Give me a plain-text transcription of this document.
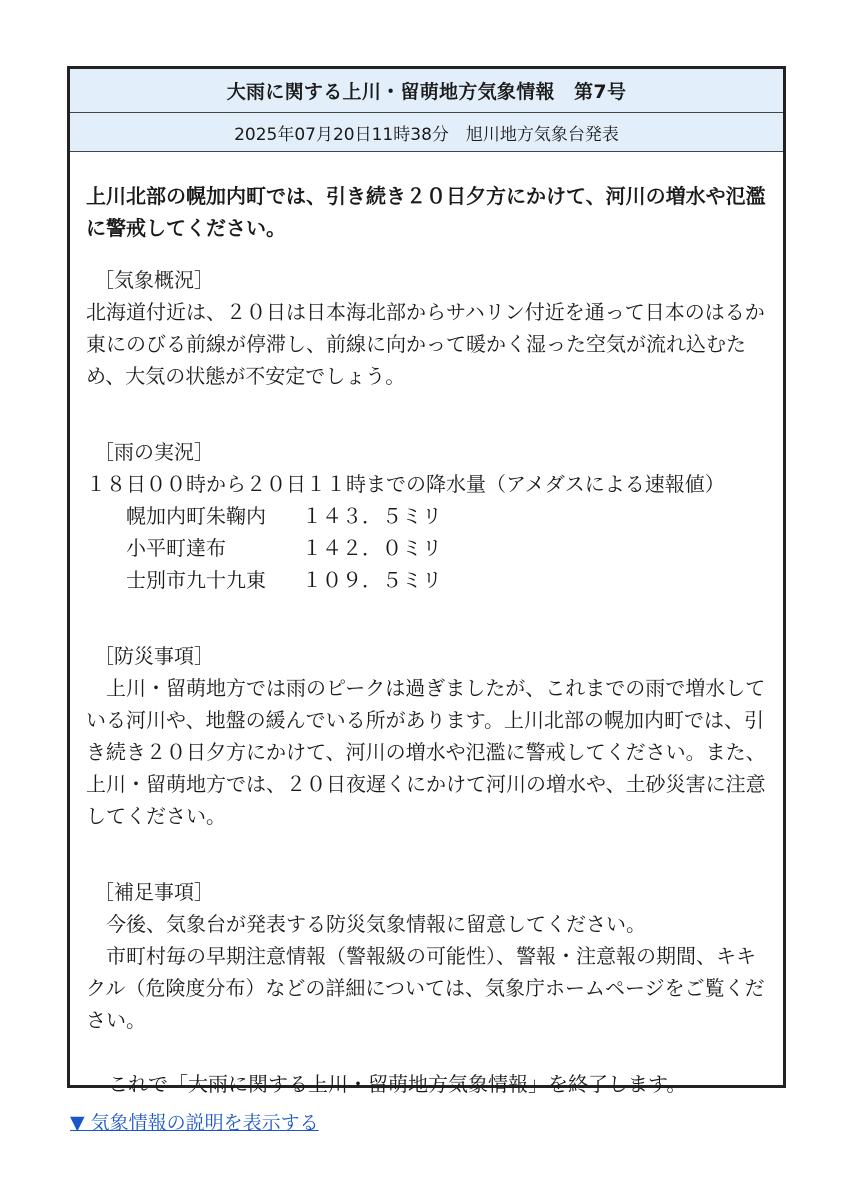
大雨に関する上川・留萌地方気象情報　第7号
2025年07月20日11時38分　旭川地方気象台発表

上川北部の幌加内町では、引き続き２０日夕方にかけて、河川の増水や氾濫に警戒してください。

［気象概況］

北海道付近は、２０日は日本海北部からサハリン付近を通って日本のはるか東にのびる前線が停滞し、前線に向かって暖かく湿った空気が流れ込むため、大気の状態が不安定でしょう。

［雨の実況］

１８日００時から２０日１１時までの降水量（アメダスによる速報値）

幌加内町朱鞠内	１４３．５ミリ
小平町達布	１４２．０ミリ
士別市九十九東	１０９．５ミリ
［防災事項］

上川・留萌地方では雨のピークは過ぎましたが、これまでの雨で増水している河川や、地盤の緩んでいる所があります。上川北部の幌加内町では、引き続き２０日夕方にかけて、河川の増水や氾濫に警戒してください。また、上川・留萌地方では、２０日夜遅くにかけて河川の増水や、土砂災害に注意してください。

［補足事項］

今後、気象台が発表する防災気象情報に留意してください。

市町村毎の早期注意情報（警報級の可能性）、警報・注意報の期間、キキクル（危険度分布）などの詳細については、気象庁ホームページをご覧ください。

これで「大雨に関する上川・留萌地方気象情報」を終了します。

▼ 気象情報の説明を表示する
